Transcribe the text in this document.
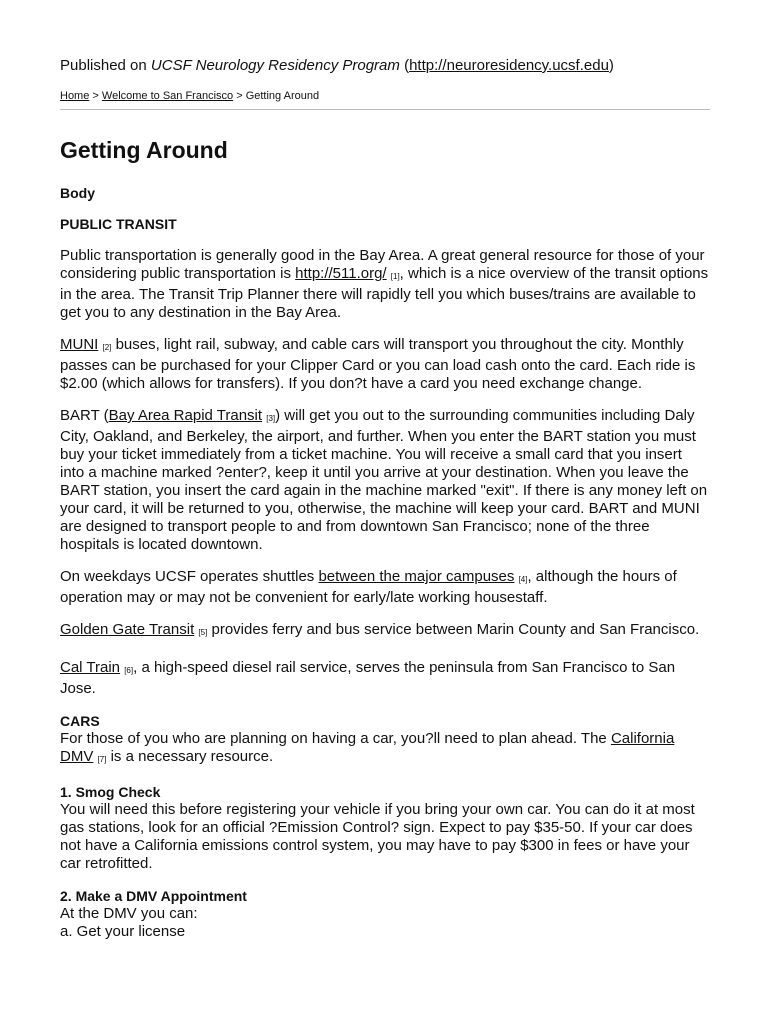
Published on UCSF Neurology Residency Program (http://neuroresidency.ucsf.edu)
Home > Welcome to San Francisco > Getting Around
Getting Around
Body
PUBLIC TRANSIT

Public transportation is generally good in the Bay Area. A great general resource for those of your considering public transportation is http://511.org/ [1], which is a nice overview of the transit options in the area. The Transit Trip Planner there will rapidly tell you which buses/trains are available to get you to any destination in the Bay Area.

MUNI [2] buses, light rail, subway, and cable cars will transport you throughout the city. Monthly passes can be purchased for your Clipper Card or you can load cash onto the card. Each ride is $2.00 (which allows for transfers). If you don?t have a card you need exchange change.

BART (Bay Area Rapid Transit [3]) will get you out to the surrounding communities including Daly City, Oakland, and Berkeley, the airport, and further. When you enter the BART station you must buy your ticket immediately from a ticket machine. You will receive a small card that you insert into a machine marked ?enter?, keep it until you arrive at your destination. When you leave the BART station, you insert the card again in the machine marked "exit". If there is any money left on your card, it will be returned to you, otherwise, the machine will keep your card. BART and MUNI are designed to transport people to and from downtown San Francisco; none of the three hospitals is located downtown.

On weekdays UCSF operates shuttles between the major campuses [4], although the hours of operation may or may not be convenient for early/late working housestaff.

Golden Gate Transit [5] provides ferry and bus service between Marin County and San Francisco.

Cal Train [6], a high-speed diesel rail service, serves the peninsula from San Francisco to San Jose.

CARS
For those of you who are planning on having a car, you?ll need to plan ahead. The California DMV [7] is a necessary resource.
1. Smog Check
You will need this before registering your vehicle if you bring your own car. You can do it at most gas stations, look for an official ?Emission Control? sign. Expect to pay $35-50. If your car does not have a California emissions control system, you may have to pay $300 in fees or have your car retrofitted.
2. Make a DMV Appointment
At the DMV you can:
a. Get your license
